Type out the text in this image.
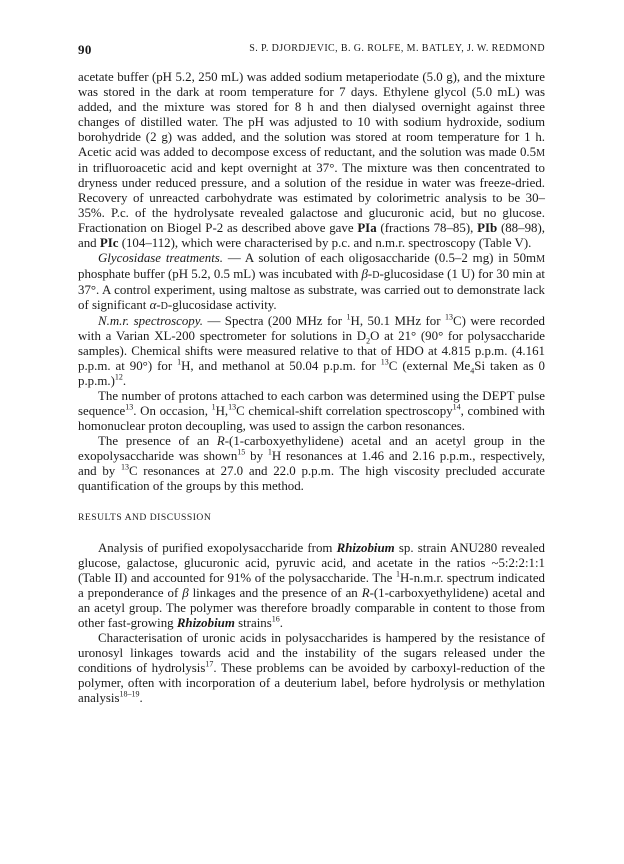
90	S. P. DJORDJEVIC, B. G. ROLFE, M. BATLEY, J. W. REDMOND

acetate buffer (pH 5.2, 250 mL) was added sodium metaperiodate (5.0 g), and the mixture was stored in the dark at room temperature for 7 days. Ethylene glycol (5.0 mL) was added, and the mixture was stored for 8 h and then dialysed overnight against three changes of distilled water. The pH was adjusted to 10 with sodium hydroxide, sodium borohydride (2 g) was added, and the solution was stored at room temperature for 1 h. Acetic acid was added to decompose excess of reductant, and the solution was made 0.5M in trifluoroacetic acid and kept overnight at 37°. The mixture was then concentrated to dryness under reduced pressure, and a solution of the residue in water was freeze-dried. Recovery of unreacted carbohydrate was estimated by colorimetric analysis to be 30–35%. P.c. of the hydrolysate revealed galactose and glucuronic acid, but no glucose. Fractionation on Biogel P-2 as described above gave PIa (fractions 78–85), PIb (88–98), and PIc (104–112), which were characterised by p.c. and n.m.r. spectroscopy (Table V).

Glycosidase treatments. — A solution of each oligosaccharide (0.5–2 mg) in 50mM phosphate buffer (pH 5.2, 0.5 mL) was incubated with β-D-glucosidase (1 U) for 30 min at 37°. A control experiment, using maltose as substrate, was carried out to demonstrate lack of significant α-D-glucosidase activity.

N.m.r. spectroscopy. — Spectra (200 MHz for $^1$H, 50.1 MHz for $^{13}$C) were recorded with a Varian XL-200 spectrometer for solutions in $D_2O$ at 21° (90° for polysaccharide samples). Chemical shifts were measured relative to that of HDO at 4.815 p.p.m. (4.161 p.p.m. at 90°) for $^1$H, and methanol at 50.04 p.p.m. for $^{13}$C (external $Me_4Si$ taken as 0 p.p.m.)$^{12}$.

The number of protons attached to each carbon was determined using the DEPT pulse sequence$^{13}$. On occasion, $^1$H,$^{13}$C chemical-shift correlation spectroscopy$^{14}$, combined with homonuclear proton decoupling, was used to assign the carbon resonances.

The presence of an R-(1-carboxyethylidene) acetal and an acetyl group in the exopolysaccharide was shown$^{15}$ by $^1$H resonances at 1.46 and 2.16 p.p.m., respectively, and by $^{13}$C resonances at 27.0 and 22.0 p.p.m. The high viscosity precluded accurate quantification of the groups by this method.

RESULTS AND DISCUSSION

Analysis of purified exopolysaccharide from Rhizobium sp. strain ANU280 revealed glucose, galactose, glucuronic acid, pyruvic acid, and acetate in the ratios ~5:2:2:1:1 (Table II) and accounted for 91% of the polysaccharide. The $^1$H-n.m.r. spectrum indicated a preponderance of β linkages and the presence of an R-(1-carboxyethylidene) acetal and an acetyl group. The polymer was therefore broadly comparable in content to those from other fast-growing Rhizobium strains$^{16}$.

Characterisation of uronic acids in polysaccharides is hampered by the resistance of uronosyl linkages towards acid and the instability of the sugars released under the conditions of hydrolysis$^{17}$. These problems can be avoided by carboxyl-reduction of the polymer, often with incorporation of a deuterium label, before hydrolysis or methylation analysis$^{18-19}$.
